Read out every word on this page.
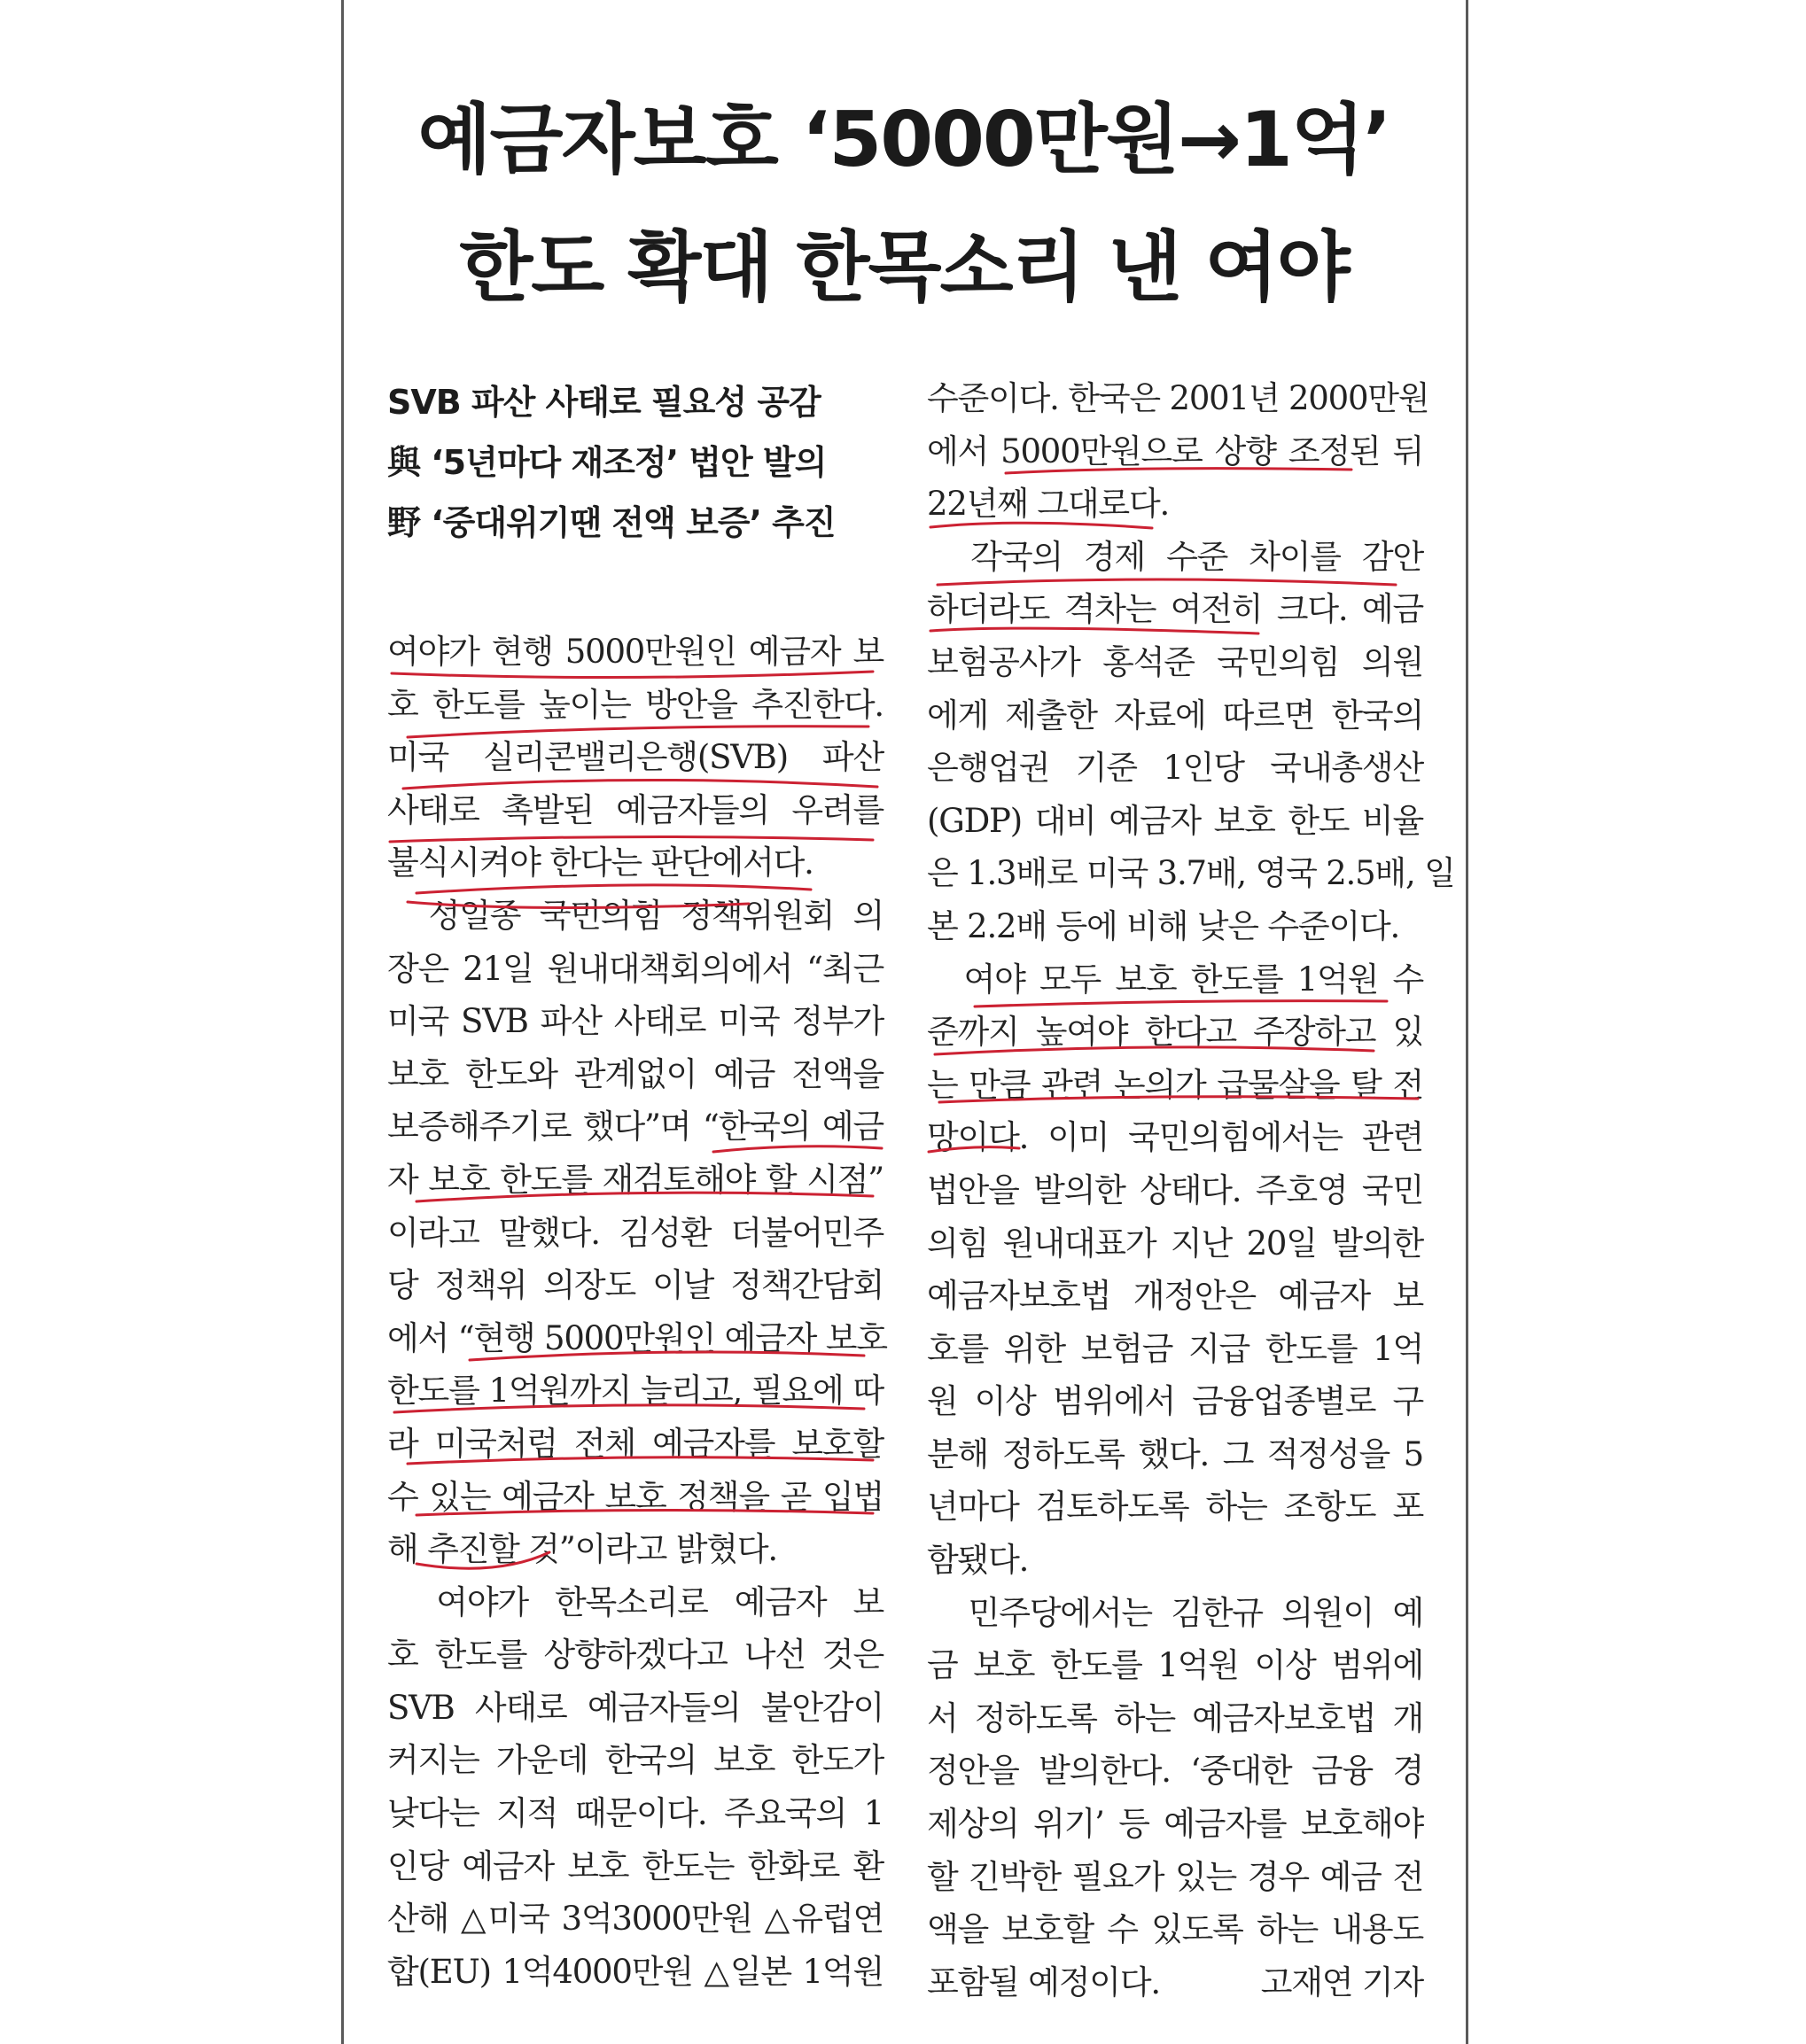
예금자보호 ‘5000만원→1억’
한도 확대 한목소리 낸 여야
SVB 파산 사태로 필요성 공감
與 ‘5년마다 재조정’ 법안 발의
野 ‘중대위기땐 전액 보증’ 추진
여야가 현행 5000만원인 예금자 보
호 한도를 높이는 방안을 추진한다.
미국 실리콘밸리은행(SVB) 파산
사태로 촉발된 예금자들의 우려를
불식시켜야 한다는 판단에서다.
　성일종 국민의힘 정책위원회 의
장은 21일 원내대책회의에서 “최근
미국 SVB 파산 사태로 미국 정부가
보호 한도와 관계없이 예금 전액을
보증해주기로 했다”며 “한국의 예금
자 보호 한도를 재검토해야 할 시점”
이라고 말했다. 김성환 더불어민주
당 정책위 의장도 이날 정책간담회
에서 “현행 5000만원인 예금자 보호
한도를 1억원까지 늘리고, 필요에 따
라 미국처럼 전체 예금자를 보호할
수 있는 예금자 보호 정책을 곧 입법
해 추진할 것”이라고 밝혔다.
　여야가 한목소리로 예금자 보
호 한도를 상향하겠다고 나선 것은
SVB 사태로 예금자들의 불안감이
커지는 가운데 한국의 보호 한도가
낮다는 지적 때문이다. 주요국의 1
인당 예금자 보호 한도는 한화로 환
산해 △미국 3억3000만원 △유럽연
합(EU) 1억4000만원 △일본 1억원
수준이다. 한국은 2001년 2000만원
에서 5000만원으로 상향 조정된 뒤
22년째 그대로다.
　각국의 경제 수준 차이를 감안
하더라도 격차는 여전히 크다. 예금
보험공사가 홍석준 국민의힘 의원
에게 제출한 자료에 따르면 한국의
은행업권 기준 1인당 국내총생산
(GDP) 대비 예금자 보호 한도 비율
은 1.3배로 미국 3.7배, 영국 2.5배, 일
본 2.2배 등에 비해 낮은 수준이다.
　여야 모두 보호 한도를 1억원 수
준까지 높여야 한다고 주장하고 있
는 만큼 관련 논의가 급물살을 탈 전
망이다. 이미 국민의힘에서는 관련
법안을 발의한 상태다. 주호영 국민
의힘 원내대표가 지난 20일 발의한
예금자보호법 개정안은 예금자 보
호를 위한 보험금 지급 한도를 1억
원 이상 범위에서 금융업종별로 구
분해 정하도록 했다. 그 적정성을 5
년마다 검토하도록 하는 조항도 포
함됐다.
　민주당에서는 김한규 의원이 예
금 보호 한도를 1억원 이상 범위에
서 정하도록 하는 예금자보호법 개
정안을 발의한다. ‘중대한 금융 경
제상의 위기’ 등 예금자를 보호해야
할 긴박한 필요가 있는 경우 예금 전
액을 보호할 수 있도록 하는 내용도
포함될 예정이다.	고재연 기자
